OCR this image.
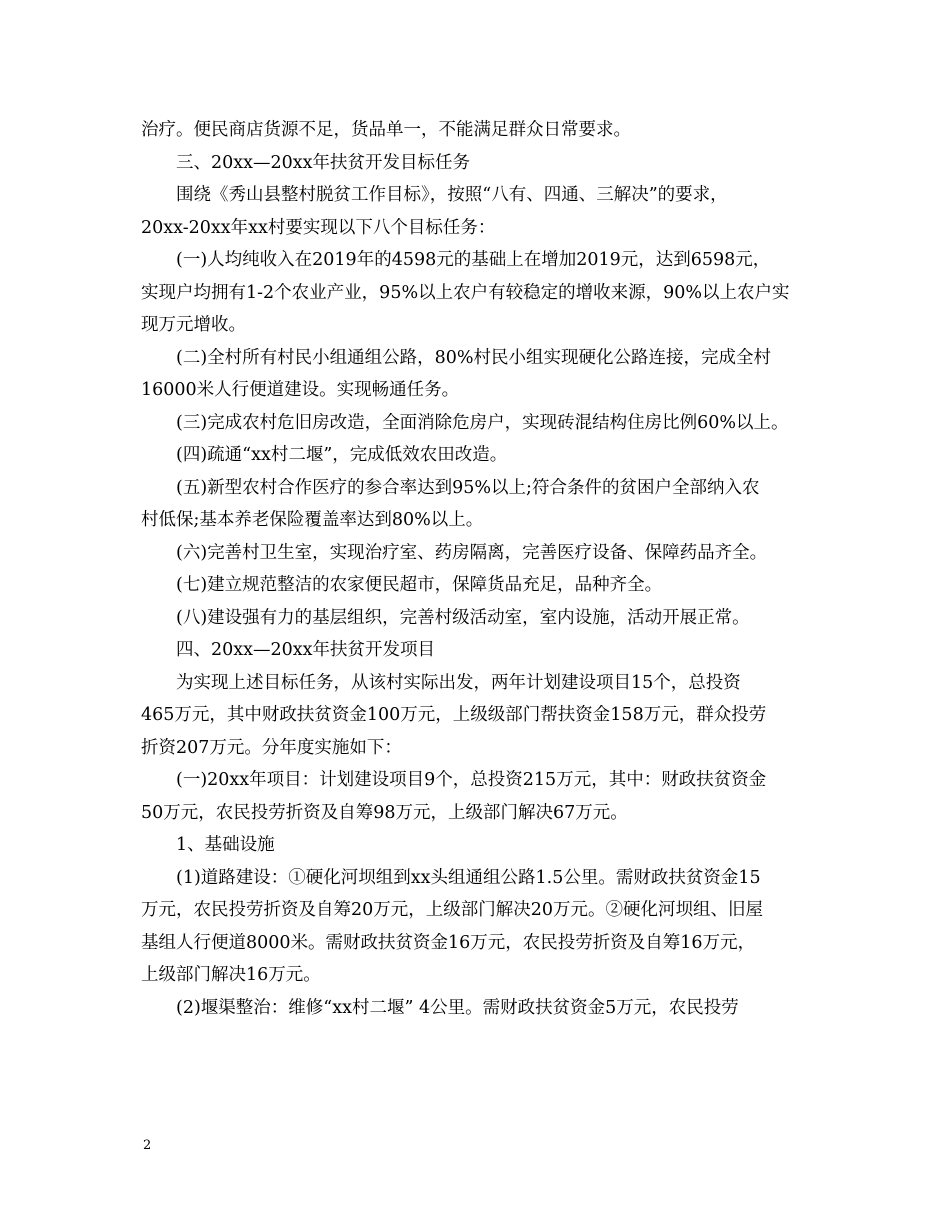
治疗。便民商店货源不足，货品单一，不能满足群众日常要求。
　　三、20xx—20xx年扶贫开发目标任务
　　围绕《秀山县整村脱贫工作目标》，按照“八有、四通、三解决”的要求，
20xx-20xx年xx村要实现以下八个目标任务：
　　(一)人均纯收入在2019年的4598元的基础上在增加2019元，达到6598元，
实现户均拥有1-2个农业产业，95%以上农户有较稳定的增收来源，90%以上农户实
现万元增收。
　　(二)全村所有村民小组通组公路，80%村民小组实现硬化公路连接，完成全村
16000米人行便道建设。实现畅通任务。
　　(三)完成农村危旧房改造，全面消除危房户，实现砖混结构住房比例60%以上。
　　(四)疏通“xx村二堰”，完成低效农田改造。
　　(五)新型农村合作医疗的参合率达到95%以上;符合条件的贫困户全部纳入农
村低保;基本养老保险覆盖率达到80%以上。
　　(六)完善村卫生室，实现治疗室、药房隔离，完善医疗设备、保障药品齐全。
　　(七)建立规范整洁的农家便民超市，保障货品充足，品种齐全。
　　(八)建设强有力的基层组织，完善村级活动室，室内设施，活动开展正常。
　　四、20xx—20xx年扶贫开发项目
　　为实现上述目标任务，从该村实际出发，两年计划建设项目15个，总投资
465万元，其中财政扶贫资金100万元，上级级部门帮扶资金158万元，群众投劳
折资207万元。分年度实施如下：
　　(一)20xx年项目：计划建设项目9个，总投资215万元，其中：财政扶贫资金
50万元，农民投劳折资及自筹98万元，上级部门解决67万元。
　　1、基础设施
　　(1)道路建设：①硬化河坝组到xx头组通组公路1.5公里。需财政扶贫资金15
万元，农民投劳折资及自筹20万元，上级部门解决20万元。②硬化河坝组、旧屋
基组人行便道8000米。需财政扶贫资金16万元，农民投劳折资及自筹16万元，
上级部门解决16万元。
　　(2)堰渠整治：维修“xx村二堰” 4公里。需财政扶贫资金5万元，农民投劳
2
